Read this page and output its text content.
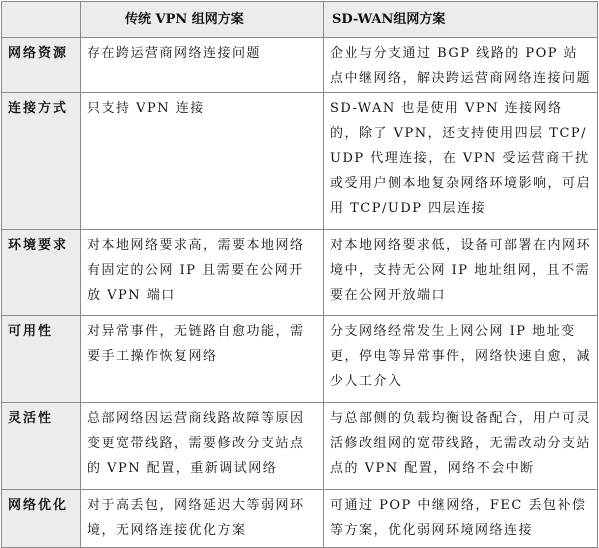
	传统 VPN 组网方案	SD-WAN组网方案
网络资源	存在跨运营商网络连接问题	企业与分支通过 BGP 线路的 POP 站点中继网络，解决跨运营商网络连接问题
连接方式	只支持 VPN 连接	SD-WAN 也是使用 VPN 连接网络的，除了 VPN，还支持使用四层 TCP/UDP 代理连接，在 VPN 受运营商干扰或受用户侧本地复杂网络环境影响，可启用 TCP/UDP 四层连接
环境要求	对本地网络要求高，需要本地网络有固定的公网 IP 且需要在公网开放 VPN 端口	对本地网络要求低，设备可部署在内网环境中，支持无公网 IP 地址组网，且不需要在公网开放端口
可用性	对异常事件，无链路自愈功能，需要手工操作恢复网络	分支网络经常发生上网公网 IP 地址变更，停电等异常事件，网络快速自愈，减少人工介入
灵活性	总部网络因运营商线路故障等原因变更宽带线路，需要修改分支站点的 VPN 配置，重新调试网络	与总部侧的负载均衡设备配合，用户可灵活修改组网的宽带线路，无需改动分支站点的 VPN 配置，网络不会中断
网络优化	对于高丢包，网络延迟大等弱网环境，无网络连接优化方案	可通过 POP 中继网络，FEC 丢包补偿等方案，优化弱网环境网络连接
